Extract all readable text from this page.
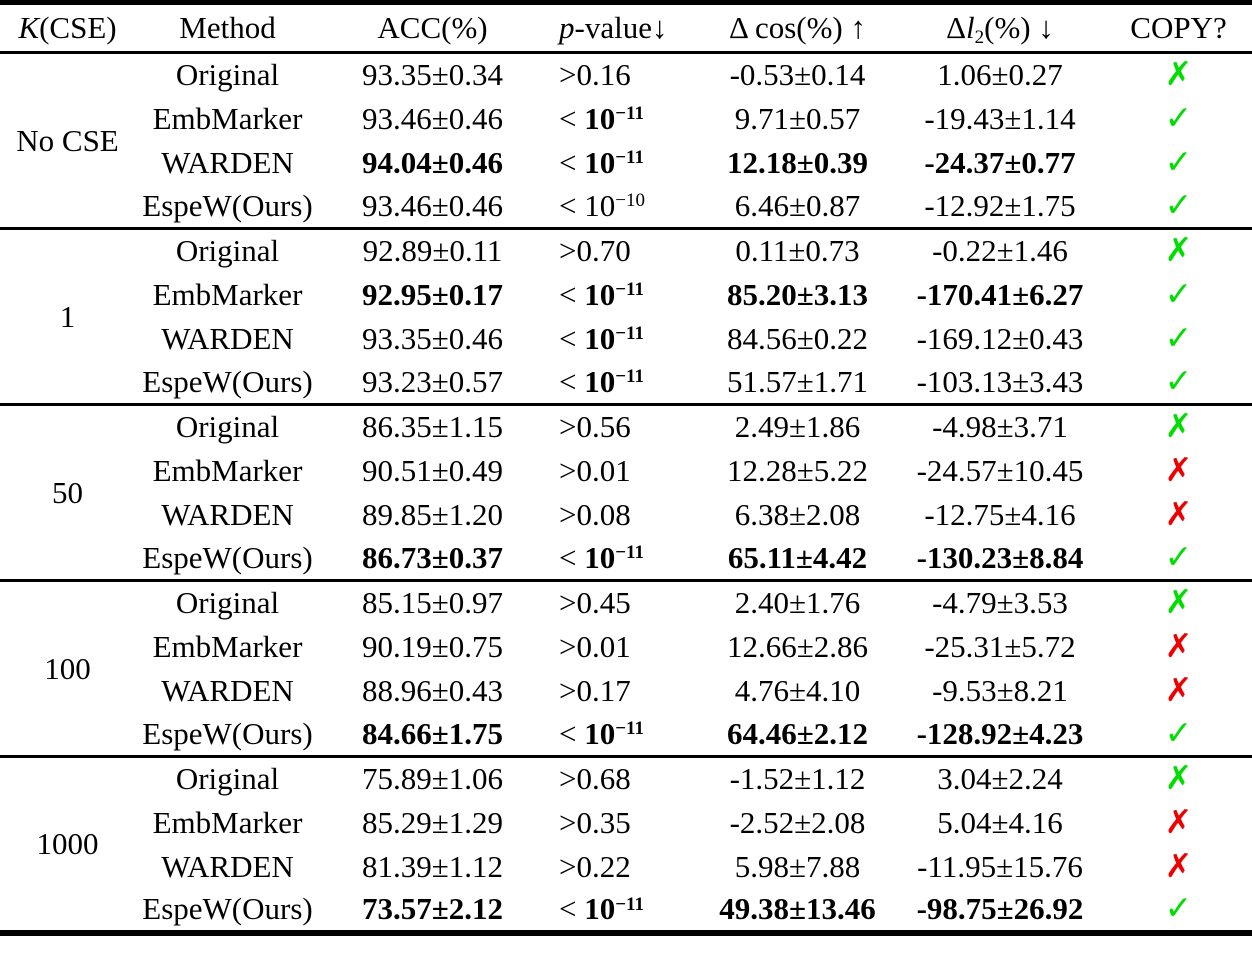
K(CSE)	Method	ACC(%)	p-value↓	Δ cos(%) ↑	$\Delta l_2(\%)$ ↓	COPY?
No CSE	Original	93.35±0.34	>0.16	-0.53±0.14	1.06±0.27	✗
	EmbMarker	93.46±0.46	< $10^{-11}$	9.71±0.57	-19.43±1.14	✓
	WARDEN	94.04±0.46	< $10^{-11}$	12.18±0.39	-24.37±0.77	✓
	EspeW(Ours)	93.46±0.46	< $10^{-10}$	6.46±0.87	-12.92±1.75	✓
1	Original	92.89±0.11	>0.70	0.11±0.73	-0.22±1.46	✗
	EmbMarker	92.95±0.17	< $10^{-11}$	85.20±3.13	-170.41±6.27	✓
	WARDEN	93.35±0.46	< $10^{-11}$	84.56±0.22	-169.12±0.43	✓
	EspeW(Ours)	93.23±0.57	< $10^{-11}$	51.57±1.71	-103.13±3.43	✓
50	Original	86.35±1.15	>0.56	2.49±1.86	-4.98±3.71	✗
	EmbMarker	90.51±0.49	>0.01	12.28±5.22	-24.57±10.45	✗
	WARDEN	89.85±1.20	>0.08	6.38±2.08	-12.75±4.16	✗
	EspeW(Ours)	86.73±0.37	< $10^{-11}$	65.11±4.42	-130.23±8.84	✓
100	Original	85.15±0.97	>0.45	2.40±1.76	-4.79±3.53	✗
	EmbMarker	90.19±0.75	>0.01	12.66±2.86	-25.31±5.72	✗
	WARDEN	88.96±0.43	>0.17	4.76±4.10	-9.53±8.21	✗
	EspeW(Ours)	84.66±1.75	< $10^{-11}$	64.46±2.12	-128.92±4.23	✓
1000	Original	75.89±1.06	>0.68	-1.52±1.12	3.04±2.24	✗
	EmbMarker	85.29±1.29	>0.35	-2.52±2.08	5.04±4.16	✗
	WARDEN	81.39±1.12	>0.22	5.98±7.88	-11.95±15.76	✗
	EspeW(Ours)	73.57±2.12	< $10^{-11}$	49.38±13.46	-98.75±26.92	✓
